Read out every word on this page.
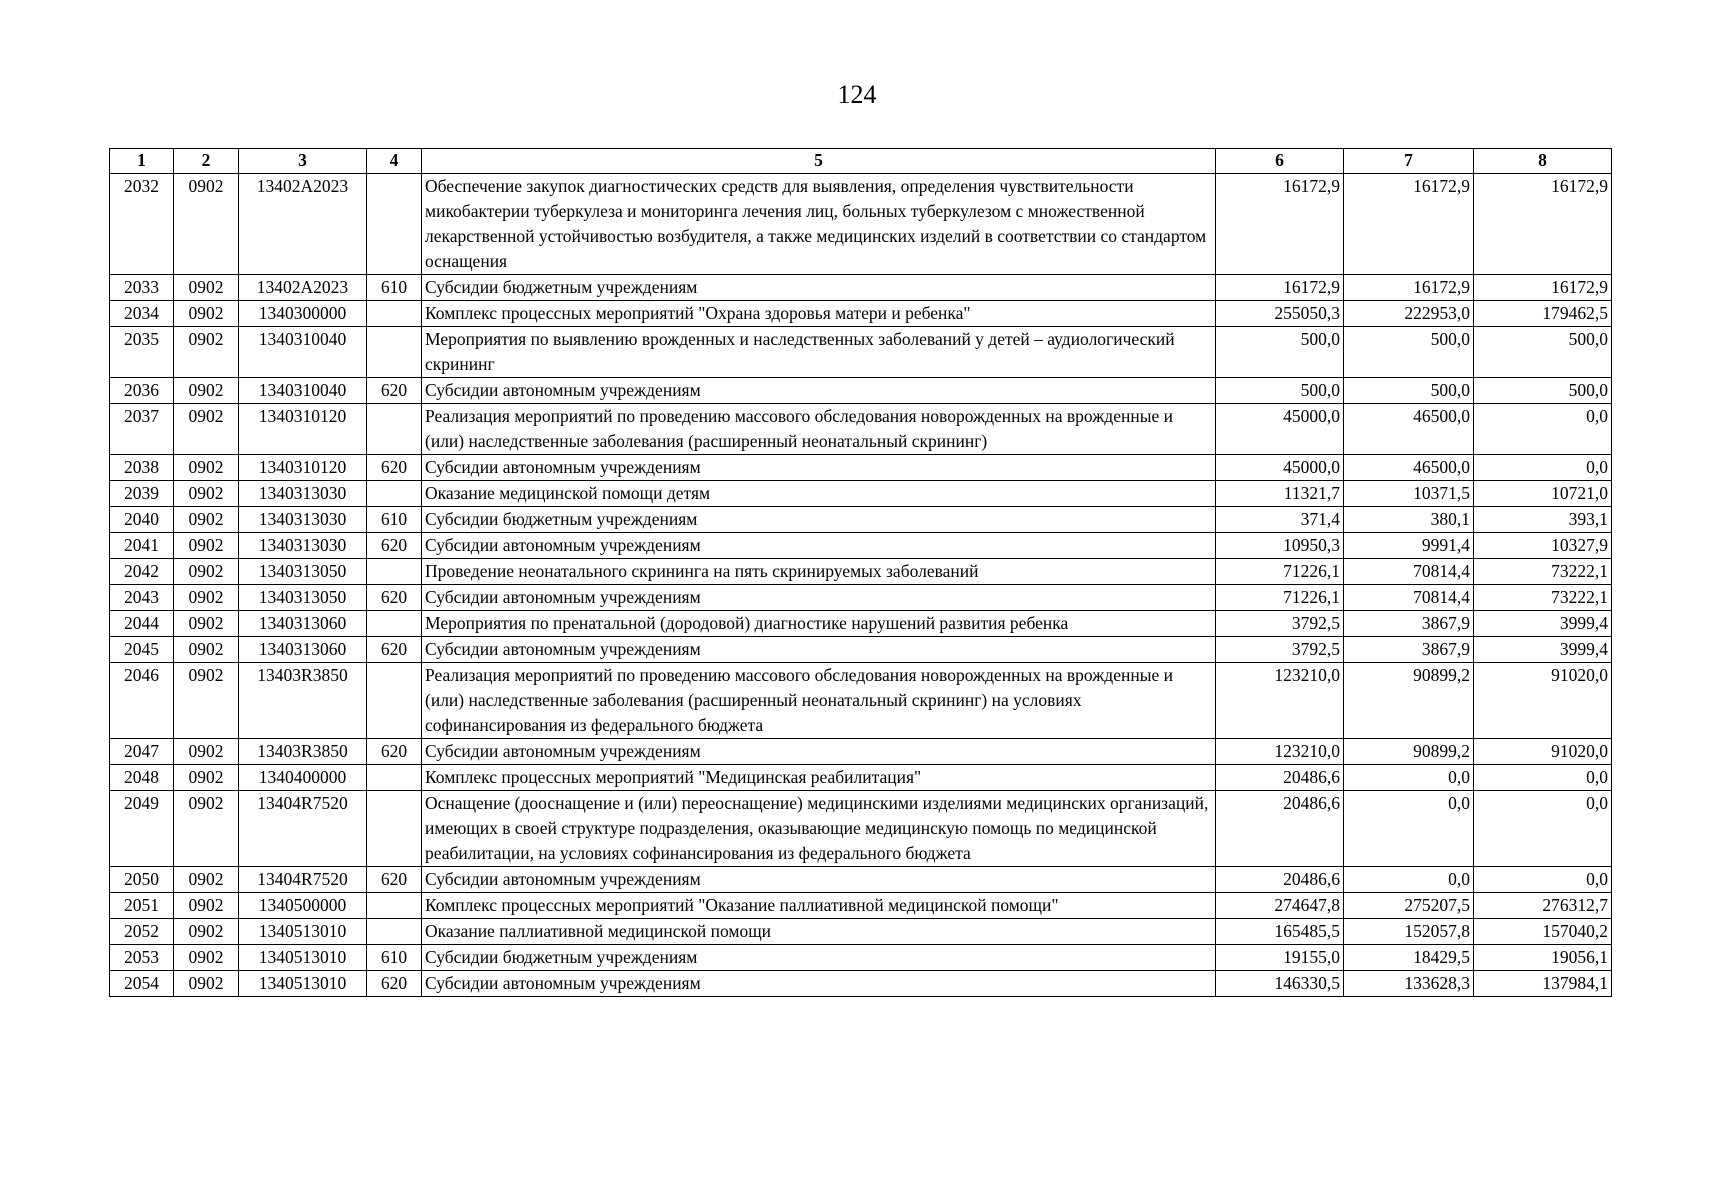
124
1	2	3	4	5	6	7	8
2032	0902	13402A2023		Обеспечение закупок диагностических средств для выявления, определения чувствительности микобактерии туберкулеза и мониторинга лечения лиц, больных туберкулезом с множественной лекарственной устойчивостью возбудителя, а также медицинских изделий в соответствии со стандартом оснащения	16172,9	16172,9	16172,9
2033	0902	13402A2023	610	Субсидии бюджетным учреждениям	16172,9	16172,9	16172,9
2034	0902	1340300000		Комплекс процессных мероприятий "Охрана здоровья матери и ребенка"	255050,3	222953,0	179462,5
2035	0902	1340310040		Мероприятия по выявлению врожденных и наследственных заболеваний у детей – аудиологический скрининг	500,0	500,0	500,0
2036	0902	1340310040	620	Субсидии автономным учреждениям	500,0	500,0	500,0
2037	0902	1340310120		Реализация мероприятий по проведению массового обследования новорожденных на врожденные и (или) наследственные заболевания (расширенный неонатальный скрининг)	45000,0	46500,0	0,0
2038	0902	1340310120	620	Субсидии автономным учреждениям	45000,0	46500,0	0,0
2039	0902	1340313030		Оказание медицинской помощи детям	11321,7	10371,5	10721,0
2040	0902	1340313030	610	Субсидии бюджетным учреждениям	371,4	380,1	393,1
2041	0902	1340313030	620	Субсидии автономным учреждениям	10950,3	9991,4	10327,9
2042	0902	1340313050		Проведение неонатального скрининга на пять скринируемых заболеваний	71226,1	70814,4	73222,1
2043	0902	1340313050	620	Субсидии автономным учреждениям	71226,1	70814,4	73222,1
2044	0902	1340313060		Мероприятия по пренатальной (дородовой) диагностике нарушений развития ребенка	3792,5	3867,9	3999,4
2045	0902	1340313060	620	Субсидии автономным учреждениям	3792,5	3867,9	3999,4
2046	0902	13403R3850		Реализация мероприятий по проведению массового обследования новорожденных на врожденные и (или) наследственные заболевания (расширенный неонатальный скрининг) на условиях софинансирования из федерального бюджета	123210,0	90899,2	91020,0
2047	0902	13403R3850	620	Субсидии автономным учреждениям	123210,0	90899,2	91020,0
2048	0902	1340400000		Комплекс процессных мероприятий "Медицинская реабилитация"	20486,6	0,0	0,0
2049	0902	13404R7520		Оснащение (дооснащение и (или) переоснащение) медицинскими изделиями медицинских организаций, имеющих в своей структуре подразделения, оказывающие медицинскую помощь по медицинской реабилитации, на условиях софинансирования из федерального бюджета	20486,6	0,0	0,0
2050	0902	13404R7520	620	Субсидии автономным учреждениям	20486,6	0,0	0,0
2051	0902	1340500000		Комплекс процессных мероприятий "Оказание паллиативной медицинской помощи"	274647,8	275207,5	276312,7
2052	0902	1340513010		Оказание паллиативной медицинской помощи	165485,5	152057,8	157040,2
2053	0902	1340513010	610	Субсидии бюджетным учреждениям	19155,0	18429,5	19056,1
2054	0902	1340513010	620	Субсидии автономным учреждениям	146330,5	133628,3	137984,1
